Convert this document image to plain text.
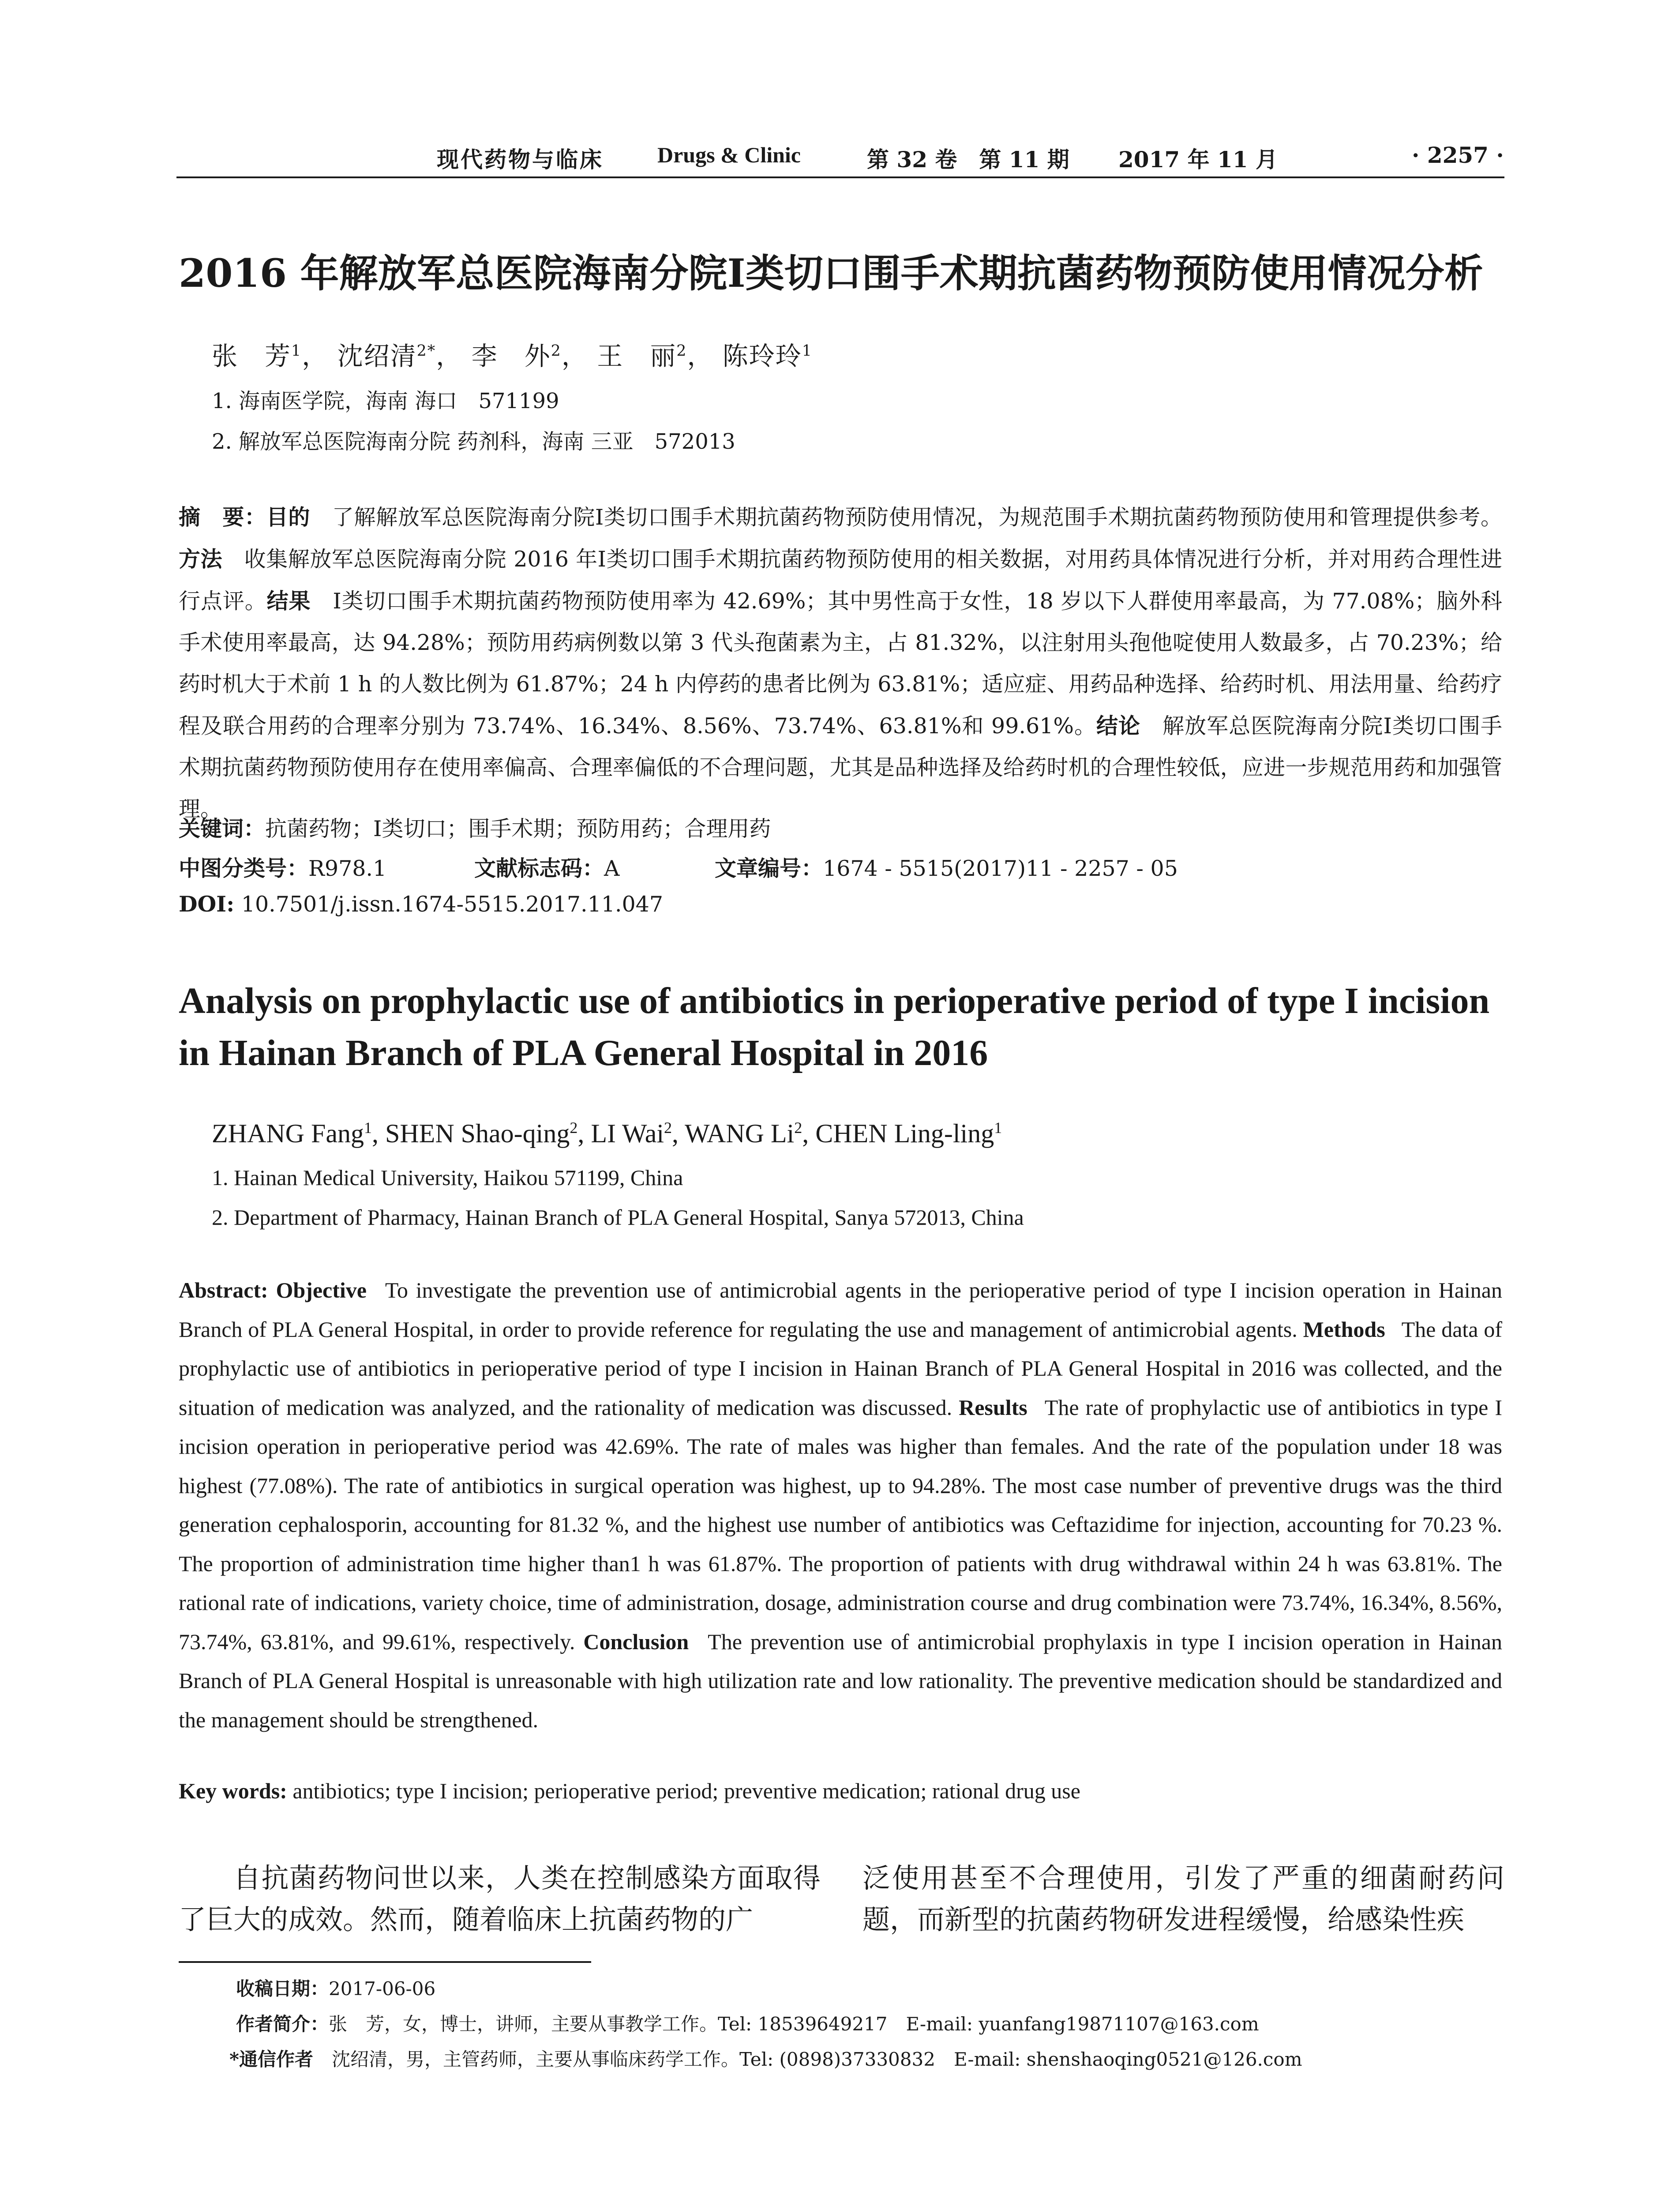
现代药物与临床 Drugs & Clinic	第 32 卷　第 11 期 2017 年 11 月	· 2257 ·
2016 年解放军总医院海南分院Ⅰ类切口围手术期抗菌药物预防使用情况分析
张　芳$^1$， 沈绍清$^{2*}$， 李　外$^2$， 王　丽$^2$， 陈玲玲$^1$
1. 海南医学院，海南 海口　571199
2. 解放军总医院海南分院 药剂科，海南 三亚　572013
摘　要：目的  了解解放军总医院海南分院Ⅰ类切口围手术期抗菌药物预防使用情况，为规范围手术期抗菌药物预防使用和管理提供参考。方法  收集解放军总医院海南分院 2016 年Ⅰ类切口围手术期抗菌药物预防使用的相关数据，对用药具体情况进行分析，并对用药合理性进行点评。结果  Ⅰ类切口围手术期抗菌药物预防使用率为 42.69%；其中男性高于女性，18 岁以下人群使用率最高，为 77.08%；脑外科手术使用率最高，达 94.28%；预防用药病例数以第 3 代头孢菌素为主，占 81.32%，以注射用头孢他啶使用人数最多，占 70.23%；给药时机大于术前 1 h 的人数比例为 61.87%；24 h 内停药的患者比例为 63.81%；适应症、用药品种选择、给药时机、用法用量、给药疗程及联合用药的合理率分别为 73.74%、16.34%、8.56%、73.74%、63.81%和 99.61%。结论  解放军总医院海南分院Ⅰ类切口围手术期抗菌药物预防使用存在使用率偏高、合理率偏低的不合理问题，尤其是品种选择及给药时机的合理性较低，应进一步规范用药和加强管理。
关键词：抗菌药物；Ⅰ类切口；围手术期；预防用药；合理用药
中图分类号：R978.1	文献标志码：A	文章编号：1674 - 5515(2017)11 - 2257 - 05
DOI: 10.7501/j.issn.1674-5515.2017.11.047
Analysis on prophylactic use of antibiotics in perioperative period of type I incision in Hainan Branch of PLA General Hospital in 2016
ZHANG Fang$^1$, SHEN Shao-qing$^2$, LI Wai$^2$, WANG Li$^2$, CHEN Ling-ling$^1$
1. Hainan Medical University, Haikou 571199, China
2. Department of Pharmacy, Hainan Branch of PLA General Hospital, Sanya 572013, China
Abstract: Objective  To investigate the prevention use of antimicrobial agents in the perioperative period of type I incision operation in Hainan Branch of PLA General Hospital, in order to provide reference for regulating the use and management of antimicrobial agents. Methods  The data of prophylactic use of antibiotics in perioperative period of type I incision in Hainan Branch of PLA General Hospital in 2016 was collected, and the situation of medication was analyzed, and the rationality of medication was discussed. Results  The rate of prophylactic use of antibiotics in type I incision operation in perioperative period was 42.69%. The rate of males was higher than females. And the rate of the population under 18 was highest (77.08%). The rate of antibiotics in surgical operation was highest, up to 94.28%. The most case number of preventive drugs was the third generation cephalosporin, accounting for 81.32 %, and the highest use number of antibiotics was Ceftazidime for injection, accounting for 70.23 %. The proportion of administration time higher than1 h was 61.87%. The proportion of patients with drug withdrawal within 24 h was 63.81%. The rational rate of indications, variety choice, time of administration, dosage, administration course and drug combination were 73.74%, 16.34%, 8.56%, 73.74%, 63.81%, and 99.61%, respectively. Conclusion  The prevention use of antimicrobial prophylaxis in type I incision operation in Hainan Branch of PLA General Hospital is unreasonable with high utilization rate and low rationality. The preventive medication should be standardized and the management should be strengthened.
Key words: antibiotics; type I incision; perioperative period; preventive medication; rational drug use
自抗菌药物问世以来，人类在控制感染方面取得了巨大的成效。然而，随着临床上抗菌药物的广
泛使用甚至不合理使用，引发了严重的细菌耐药问题，而新型的抗菌药物研发进程缓慢，给感染性疾
收稿日期：2017-06-06
作者简介：张　芳，女，博士，讲师，主要从事教学工作。Tel: 18539649217　E-mail: yuanfang19871107@163.com
*通信作者  沈绍清，男，主管药师，主要从事临床药学工作。Tel: (0898)37330832　E-mail: shenshaoqing0521@126.com
